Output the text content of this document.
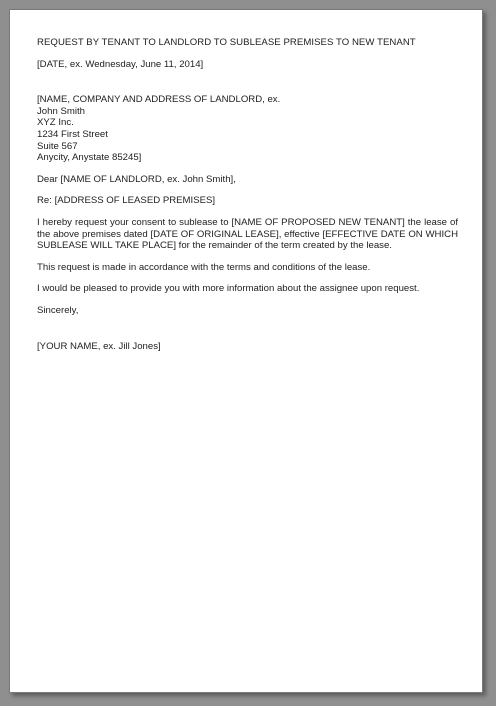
REQUEST BY TENANT TO LANDLORD TO SUBLEASE PREMISES TO NEW TENANT
[DATE, ex. Wednesday, June 11, 2014]
[NAME, COMPANY AND ADDRESS OF LANDLORD, ex.
John Smith
XYZ Inc.
1234 First Street
Suite 567
Anycity, Anystate 85245]
Dear [NAME OF LANDLORD, ex. John Smith],
Re: [ADDRESS OF LEASED PREMISES]

I hereby request your consent to sublease to [NAME OF PROPOSED NEW TENANT] the lease of the above premises dated [DATE OF ORIGINAL LEASE], effective [EFFECTIVE DATE ON WHICH SUBLEASE WILL TAKE PLACE] for the remainder of the term created by the lease.

This request is made in accordance with the terms and conditions of the lease.

I would be pleased to provide you with more information about the assignee upon request.

Sincerely,
[YOUR NAME, ex. Jill Jones]
